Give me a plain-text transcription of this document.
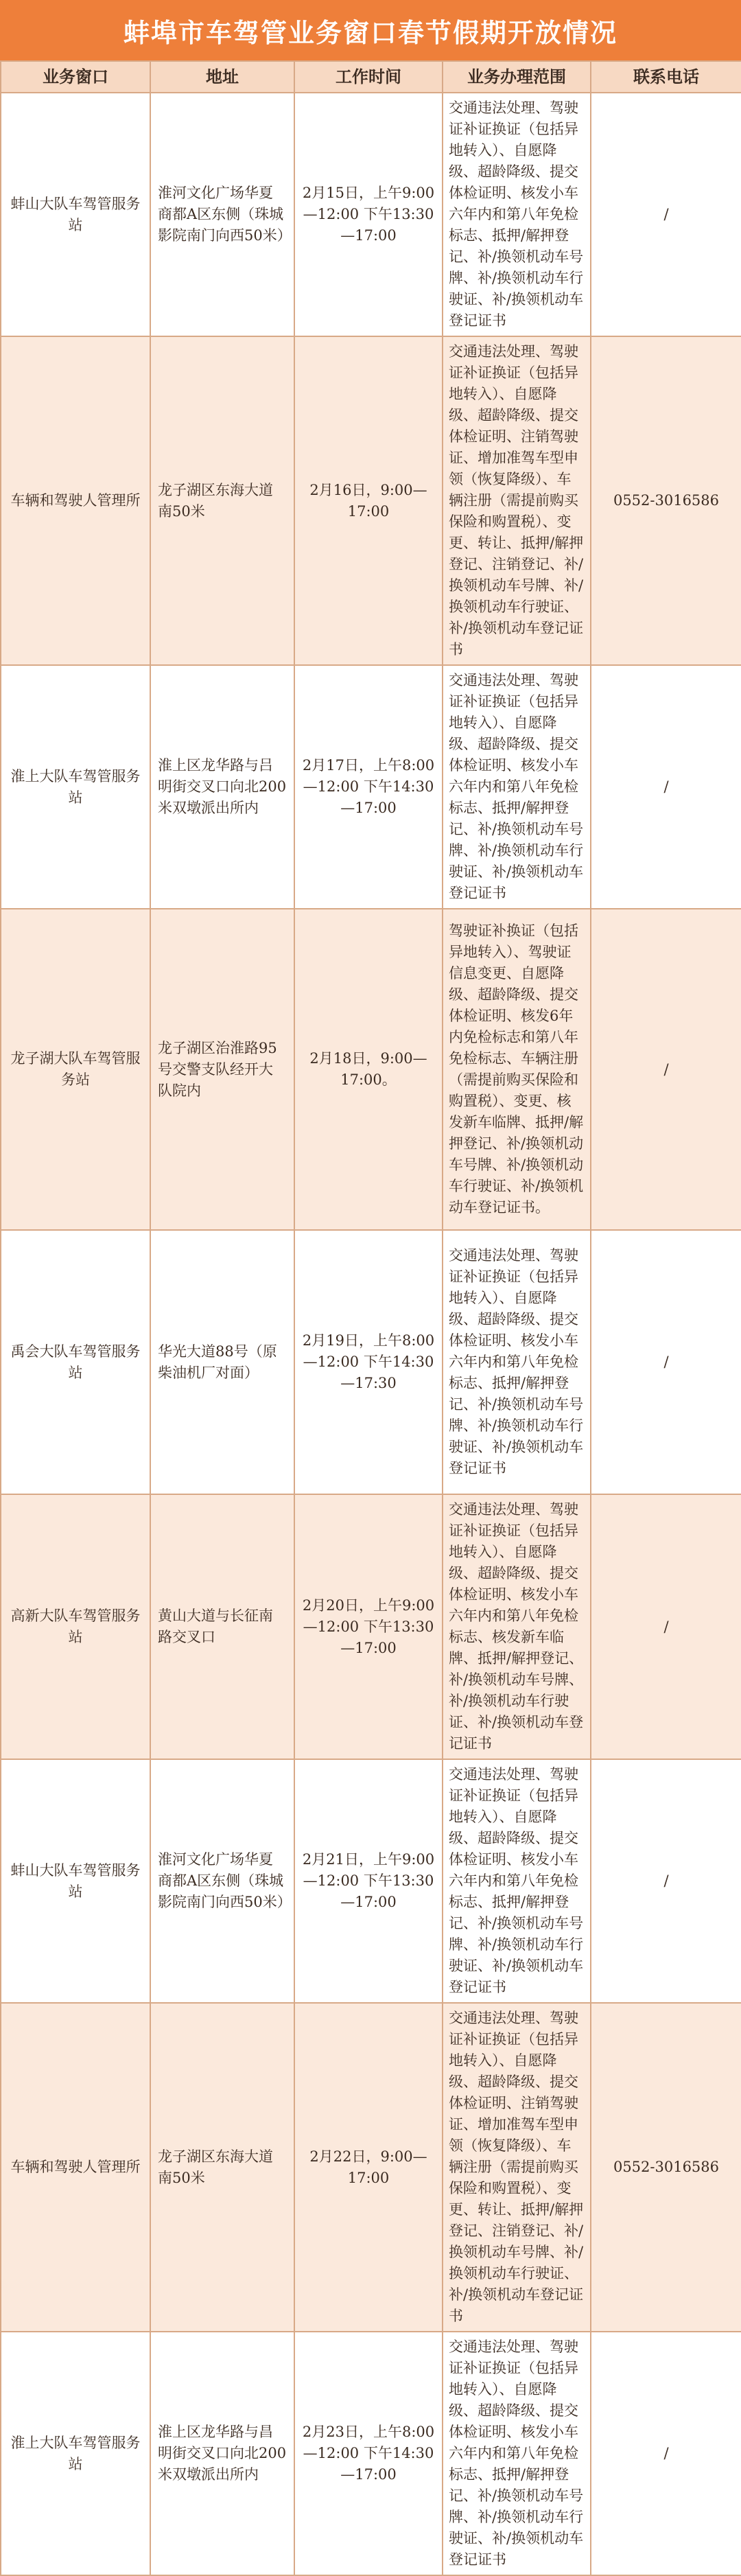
蚌埠市车驾管业务窗口春节假期开放情况
业务窗口	地址	工作时间	业务办理范围	联系电话
蚌山大队车驾管服务站	淮河文化广场华夏商都A区东侧（珠城影院南门向西50米）	2月15日，上午9:00—12:00 下午13:30—17:00	交通违法处理、驾驶证补证换证（包括异地转入）、自愿降级、超龄降级、提交体检证明、核发小车六年内和第八年免检标志、抵押/解押登记、补/换领机动车号牌、补/换领机动车行驶证、补/换领机动车登记证书	/
车辆和驾驶人管理所	龙子湖区东海大道南50米	2月16日，9:00—17:00	交通违法处理、驾驶证补证换证（包括异地转入）、自愿降级、超龄降级、提交体检证明、注销驾驶证、增加准驾车型申领（恢复降级）、车辆注册（需提前购买保险和购置税）、变更、转让、抵押/解押登记、注销登记、补/换领机动车号牌、补/换领机动车行驶证、补/换领机动车登记证书	0552-3016586
淮上大队车驾管服务站	淮上区龙华路与吕明街交叉口向北200米双墩派出所内	2月17日，上午8:00—12:00 下午14:30—17:00	交通违法处理、驾驶证补证换证（包括异地转入）、自愿降级、超龄降级、提交体检证明、核发小车六年内和第八年免检标志、抵押/解押登记、补/换领机动车号牌、补/换领机动车行驶证、补/换领机动车登记证书	/
龙子湖大队车驾管服务站	龙子湖区治淮路95号交警支队经开大队院内	2月18日，9:00—17:00。	驾驶证补换证（包括异地转入）、驾驶证信息变更、自愿降级、超龄降级、提交体检证明、核发6年内免检标志和第八年免检标志、车辆注册（需提前购买保险和购置税）、变更、核发新车临牌、抵押/解押登记、补/换领机动车号牌、补/换领机动车行驶证、补/换领机动车登记证书。	/
禹会大队车驾管服务站	华光大道88号（原柴油机厂对面）	2月19日，上午8:00—12:00 下午14:30—17:30	交通违法处理、驾驶证补证换证（包括异地转入）、自愿降级、超龄降级、提交体检证明、核发小车六年内和第八年免检标志、抵押/解押登记、补/换领机动车号牌、补/换领机动车行驶证、补/换领机动车登记证书	/
高新大队车驾管服务站	黄山大道与长征南路交叉口	2月20日，上午9:00—12:00 下午13:30—17:00	交通违法处理、驾驶证补证换证（包括异地转入）、自愿降级、超龄降级、提交体检证明、核发小车六年内和第八年免检标志、核发新车临牌、抵押/解押登记、补/换领机动车号牌、补/换领机动车行驶证、补/换领机动车登记证书	/
蚌山大队车驾管服务站	淮河文化广场华夏商都A区东侧（珠城影院南门向西50米）	2月21日，上午9:00—12:00 下午13:30—17:00	交通违法处理、驾驶证补证换证（包括异地转入）、自愿降级、超龄降级、提交体检证明、核发小车六年内和第八年免检标志、抵押/解押登记、补/换领机动车号牌、补/换领机动车行驶证、补/换领机动车登记证书	/
车辆和驾驶人管理所	龙子湖区东海大道南50米	2月22日，9:00—17:00	交通违法处理、驾驶证补证换证（包括异地转入）、自愿降级、超龄降级、提交体检证明、注销驾驶证、增加准驾车型申领（恢复降级）、车辆注册（需提前购买保险和购置税）、变更、转让、抵押/解押登记、注销登记、补/换领机动车号牌、补/换领机动车行驶证、补/换领机动车登记证书	0552-3016586
淮上大队车驾管服务站	淮上区龙华路与昌明街交叉口向北200米双墩派出所内	2月23日，上午8:00—12:00 下午14:30—17:00	交通违法处理、驾驶证补证换证（包括异地转入）、自愿降级、超龄降级、提交体检证明、核发小车六年内和第八年免检标志、抵押/解押登记、补/换领机动车号牌、补/换领机动车行驶证、补/换领机动车登记证书	/
